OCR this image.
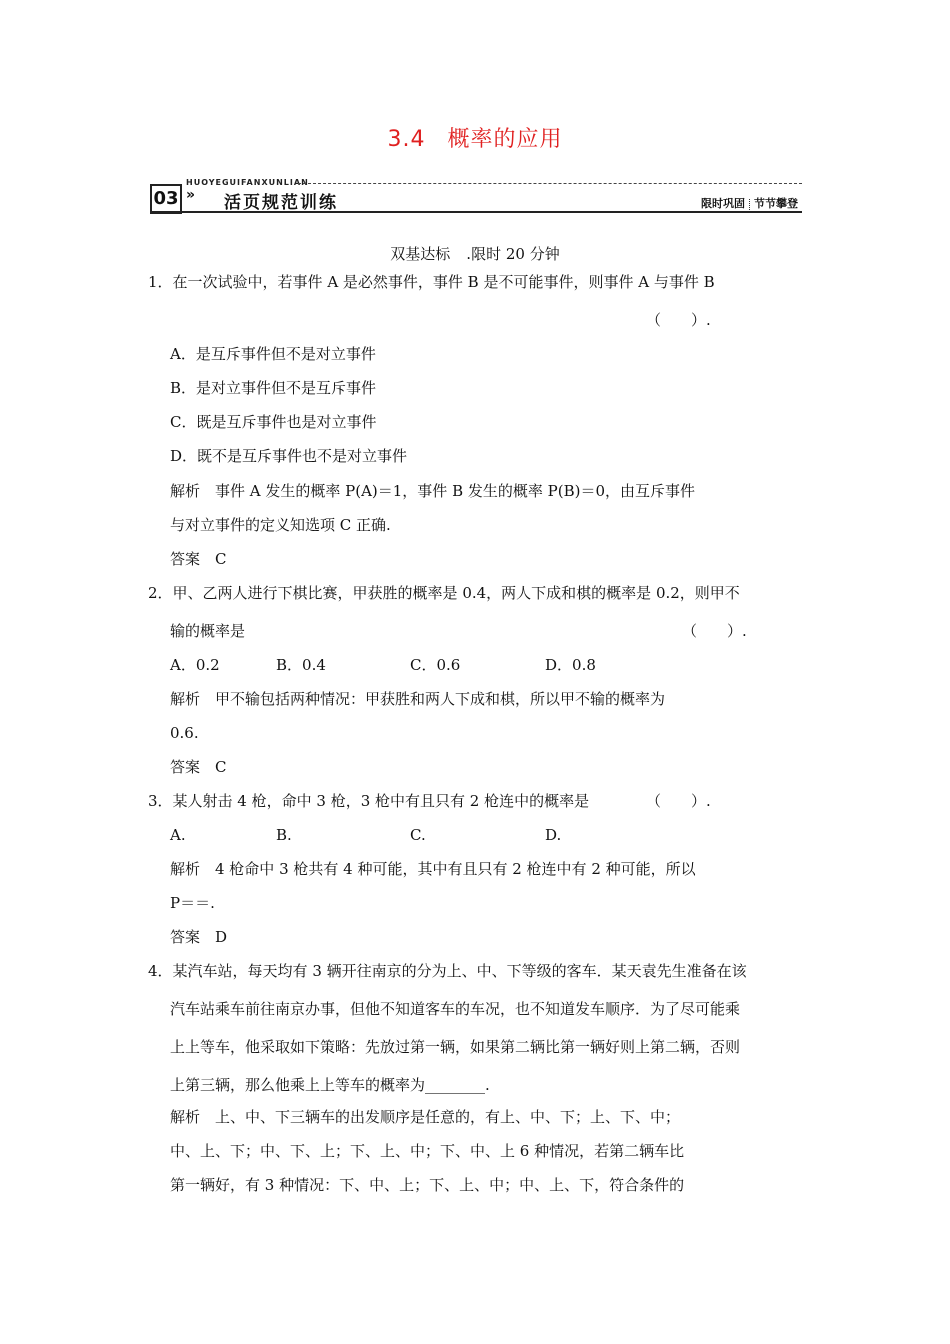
3.4 概率的应用
HUOYEGUIFANXUNLIAN
03 » 活页规范训练	限时巩固 节节攀登
双基达标 .限时 20 分钟
1．在一次试验中，若事件 A 是必然事件，事件 B 是不可能事件，则事件 A 与事件 B
（　　）.
A．是互斥事件但不是对立事件
B．是对立事件但不是互斥事件
C．既是互斥事件也是对立事件
D．既不是互斥事件也不是对立事件
解析　事件 A 发生的概率 P(A)＝1，事件 B 发生的概率 P(B)＝0，由互斥事件
与对立事件的定义知选项 C 正确.
答案　C
2．甲、乙两人进行下棋比赛，甲获胜的概率是 0.4，两人下成和棋的概率是 0.2，则甲不
输的概率是	（　　）.
A．0.2	B．0.4	C．0.6	D．0.8
解析　甲不输包括两种情况：甲获胜和两人下成和棋，所以甲不输的概率为
0.6.
答案　C
3．某人射击 4 枪，命中 3 枪，3 枪中有且只有 2 枪连中的概率是	（　　）.
A.	B.	C.	D.
解析　4 枪命中 3 枪共有 4 种可能，其中有且只有 2 枪连中有 2 种可能，所以
P＝＝.
答案　D
4．某汽车站，每天均有 3 辆开往南京的分为上、中、下等级的客车．某天袁先生准备在该
汽车站乘车前往南京办事，但他不知道客车的车况，也不知道发车顺序．为了尽可能乘
上上等车，他采取如下策略：先放过第一辆，如果第二辆比第一辆好则上第二辆，否则
上第三辆，那么他乘上上等车的概率为________.
解析　上、中、下三辆车的出发顺序是任意的，有上、中、下；上、下、中；
中、上、下；中、下、上；下、上、中；下、中、上 6 种情况，若第二辆车比
第一辆好，有 3 种情况：下、中、上；下、上、中；中、上、下，符合条件的
